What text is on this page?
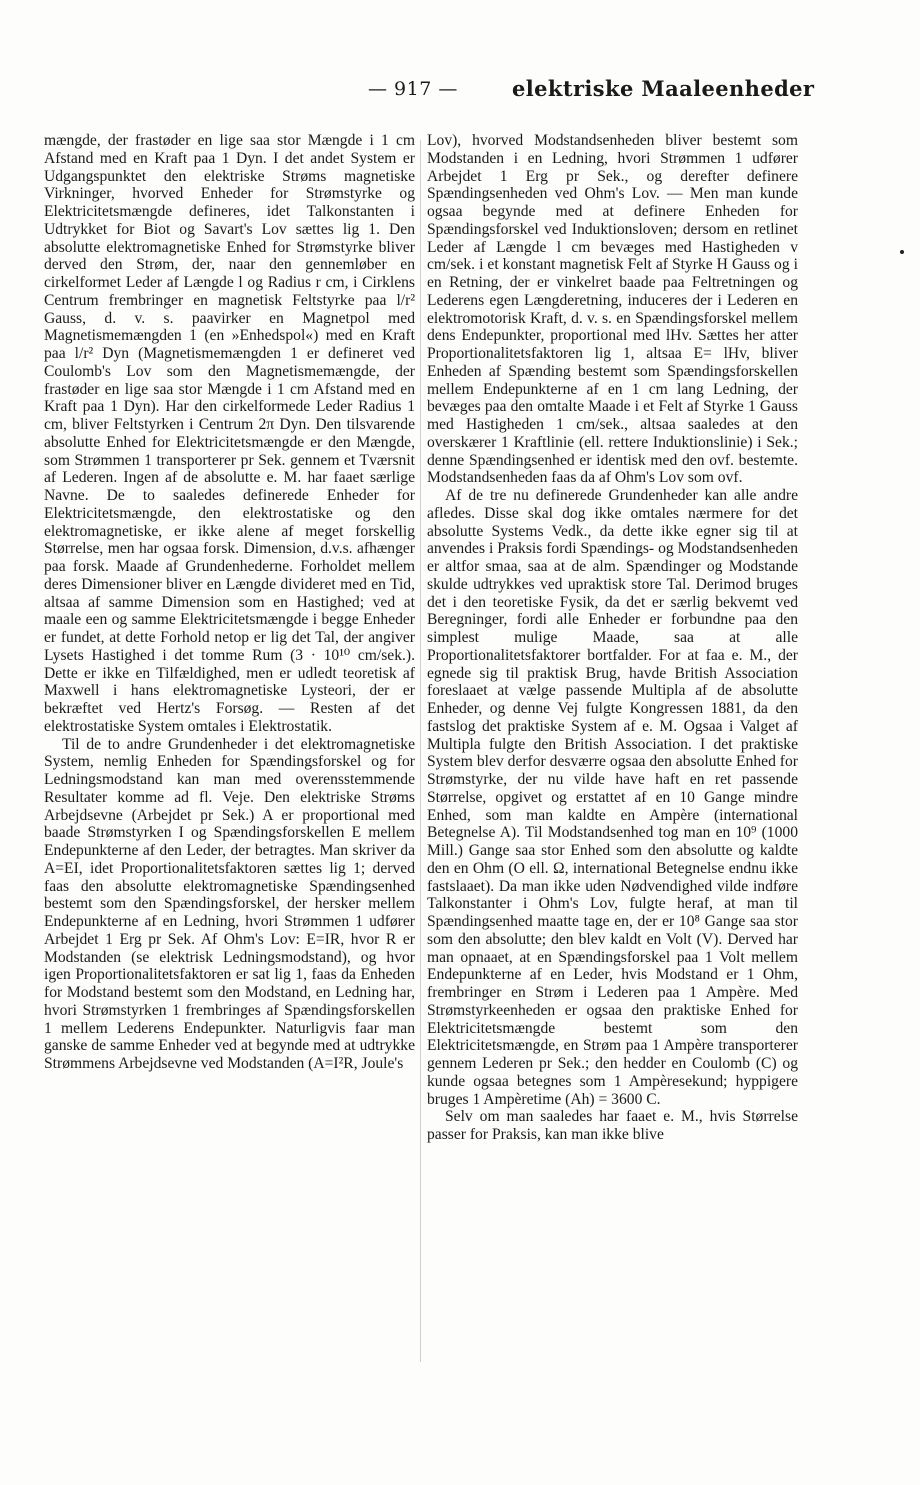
— 917 —	elektriske Maaleenheder

mængde, der frastøder en lige saa stor Mængde i 1 cm Afstand med en Kraft paa 1 Dyn. I det andet System er Udgangspunktet den elektriske Strøms magnetiske Virkninger, hvorved Enheder for Strømstyrke og Elektricitetsmængde defineres, idet Talkonstanten i Udtrykket for Biot og Savart's Lov sættes lig 1. Den absolutte elektromagnetiske Enhed for Strømstyrke bliver derved den Strøm, der, naar den gennemløber en cirkelformet Leder af Længde l og Radius r cm, i Cirklens Centrum frembringer en magnetisk Feltstyrke paa l/r² Gauss, d. v. s. paavirker en Magnetpol med Magnetismemængden 1 (en »Enhedspol«) med en Kraft paa l/r² Dyn (Magnetismemængden 1 er defineret ved Coulomb's Lov som den Magnetismemængde, der frastøder en lige saa stor Mængde i 1 cm Afstand med en Kraft paa 1 Dyn). Har den cirkelformede Leder Radius 1 cm, bliver Feltstyrken i Centrum 2π Dyn. Den tilsvarende absolutte Enhed for Elektricitetsmængde er den Mængde, som Strømmen 1 transporterer pr Sek. gennem et Tværsnit af Lederen. Ingen af de absolutte e. M. har faaet særlige Navne. De to saaledes definerede Enheder for Elektricitetsmængde, den elektrostatiske og den elektromagnetiske, er ikke alene af meget forskellig Størrelse, men har ogsaa forsk. Dimension, d.v.s. afhænger paa forsk. Maade af Grundenhederne. Forholdet mellem deres Dimensioner bliver en Længde divideret med en Tid, altsaa af samme Dimension som en Hastighed; ved at maale een og samme Elektricitetsmængde i begge Enheder er fundet, at dette Forhold netop er lig det Tal, der angiver Lysets Hastighed i det tomme Rum (3 · 10¹⁰ cm/sek.). Dette er ikke en Tilfældighed, men er udledt teoretisk af Maxwell i hans elektromagnetiske Lysteori, der er bekræftet ved Hertz's Forsøg. — Resten af det elektrostatiske System omtales i Elektrostatik.

Til de to andre Grundenheder i det elektromagnetiske System, nemlig Enheden for Spændingsforskel og for Ledningsmodstand kan man med overensstemmende Resultater komme ad fl. Veje. Den elektriske Strøms Arbejdsevne (Arbejdet pr Sek.) A er proportional med baade Strømstyrken I og Spændingsforskellen E mellem Endepunkterne af den Leder, der betragtes. Man skriver da A=EI, idet Proportionalitetsfaktoren sættes lig 1; derved faas den absolutte elektromagnetiske Spændingsenhed bestemt som den Spændingsforskel, der hersker mellem Endepunkterne af en Ledning, hvori Strømmen 1 udfører Arbejdet 1 Erg pr Sek. Af Ohm's Lov: E=IR, hvor R er Modstanden (se elektrisk Ledningsmodstand), og hvor igen Proportionalitetsfaktoren er sat lig 1, faas da Enheden for Modstand bestemt som den Modstand, en Ledning har, hvori Strømstyrken 1 frembringes af Spændingsforskellen 1 mellem Lederens Endepunkter. Naturligvis faar man ganske de samme Enheder ved at begynde med at udtrykke Strømmens Arbejdsevne ved Modstanden (A=I²R, Joule's

Lov), hvorved Modstandsenheden bliver bestemt som Modstanden i en Ledning, hvori Strømmen 1 udfører Arbejdet 1 Erg pr Sek., og derefter definere Spændingsenheden ved Ohm's Lov. — Men man kunde ogsaa begynde med at definere Enheden for Spændingsforskel ved Induktionsloven; dersom en retlinet Leder af Længde l cm bevæges med Hastigheden v cm/sek. i et konstant magnetisk Felt af Styrke H Gauss og i en Retning, der er vinkelret baade paa Feltretningen og Lederens egen Længderetning, induceres der i Lederen en elektromotorisk Kraft, d. v. s. en Spændingsforskel mellem dens Endepunkter, proportional med lHv. Sættes her atter Proportionalitetsfaktoren lig 1, altsaa E= lHv, bliver Enheden af Spænding bestemt som Spændingsforskellen mellem Endepunkterne af en 1 cm lang Ledning, der bevæges paa den omtalte Maade i et Felt af Styrke 1 Gauss med Hastigheden 1 cm/sek., altsaa saaledes at den overskærer 1 Kraftlinie (ell. rettere Induktionslinie) i Sek.; denne Spændingsenhed er identisk med den ovf. bestemte. Modstandsenheden faas da af Ohm's Lov som ovf.

Af de tre nu definerede Grundenheder kan alle andre afledes. Disse skal dog ikke omtales nærmere for det absolutte Systems Vedk., da dette ikke egner sig til at anvendes i Praksis fordi Spændings- og Modstandsenheden er altfor smaa, saa at de alm. Spændinger og Modstande skulde udtrykkes ved upraktisk store Tal. Derimod bruges det i den teoretiske Fysik, da det er særlig bekvemt ved Beregninger, fordi alle Enheder er forbundne paa den simplest mulige Maade, saa at alle Proportionalitetsfaktorer bortfalder. For at faa e. M., der egnede sig til praktisk Brug, havde British Association foreslaaet at vælge passende Multipla af de absolutte Enheder, og denne Vej fulgte Kongressen 1881, da den fastslog det praktiske System af e. M. Ogsaa i Valget af Multipla fulgte den British Association. I det praktiske System blev derfor desværre ogsaa den absolutte Enhed for Strømstyrke, der nu vilde have haft en ret passende Størrelse, opgivet og erstattet af en 10 Gange mindre Enhed, som man kaldte en Ampère (international Betegnelse A). Til Modstandsenhed tog man en 10⁹ (1000 Mill.) Gange saa stor Enhed som den absolutte og kaldte den en Ohm (O ell. Ω, international Betegnelse endnu ikke fastslaaet). Da man ikke uden Nødvendighed vilde indføre Talkonstanter i Ohm's Lov, fulgte heraf, at man til Spændingsenhed maatte tage en, der er 10⁸ Gange saa stor som den absolutte; den blev kaldt en Volt (V). Derved har man opnaaet, at en Spændingsforskel paa 1 Volt mellem Endepunkterne af en Leder, hvis Modstand er 1 Ohm, frembringer en Strøm i Lederen paa 1 Ampère. Med Strømstyrkeenheden er ogsaa den praktiske Enhed for Elektricitetsmængde bestemt som den Elektricitetsmængde, en Strøm paa 1 Ampère transporterer gennem Lederen pr Sek.; den hedder en Coulomb (C) og kunde ogsaa betegnes som 1 Ampèresekund; hyppigere bruges 1 Ampèretime (Ah) = 3600 C.

Selv om man saaledes har faaet e. M., hvis Størrelse passer for Praksis, kan man ikke blive
